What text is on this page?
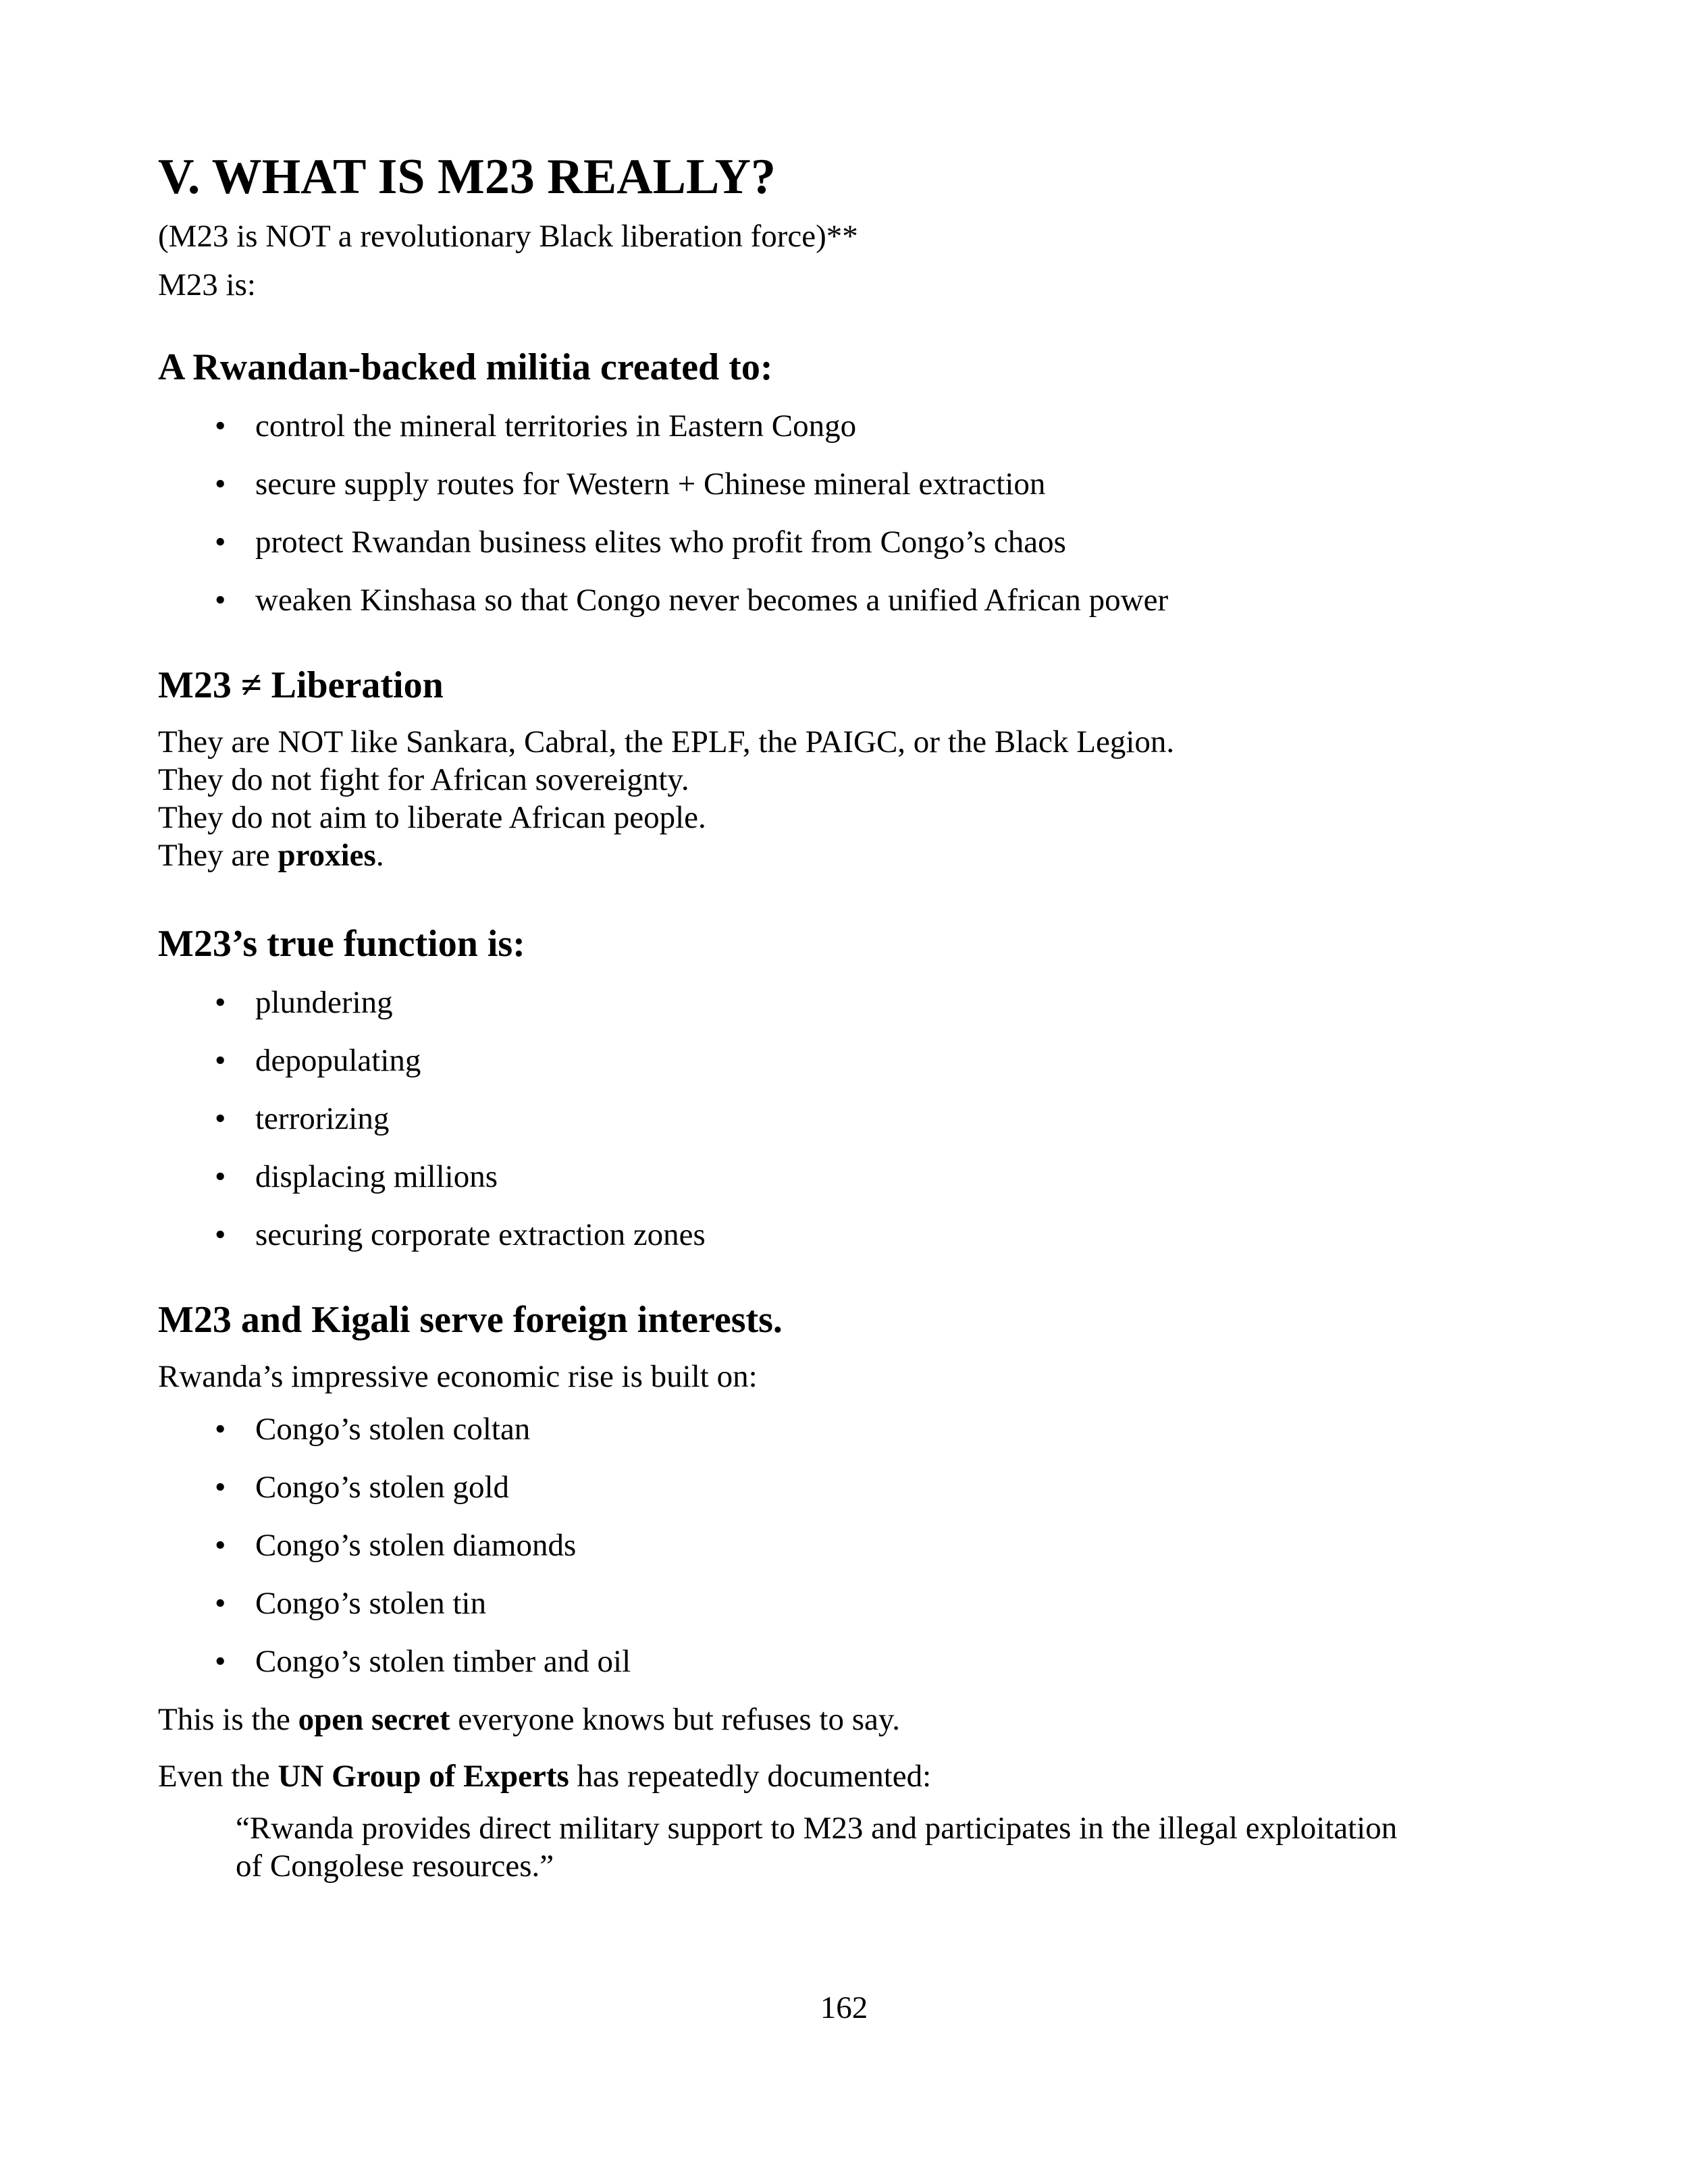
V. WHAT IS M23 REALLY?

(M23 is NOT a revolutionary Black liberation force)**

M23 is:

A Rwandan-backed militia created to:
• control the mineral territories in Eastern Congo
• secure supply routes for Western + Chinese mineral extraction
• protect Rwandan business elites who profit from Congo’s chaos
• weaken Kinshasa so that Congo never becomes a unified African power
M23 ≠ Liberation

They are NOT like Sankara, Cabral, the EPLF, the PAIGC, or the Black Legion.

They do not fight for African sovereignty.

They do not aim to liberate African people.

They are proxies.

M23’s true function is:
• plundering
• depopulating
• terrorizing
• displacing millions
• securing corporate extraction zones
M23 and Kigali serve foreign interests.

Rwanda’s impressive economic rise is built on:

• Congo’s stolen coltan
• Congo’s stolen gold
• Congo’s stolen diamonds
• Congo’s stolen tin
• Congo’s stolen timber and oil

This is the open secret everyone knows but refuses to say.

Even the UN Group of Experts has repeatedly documented:

“Rwanda provides direct military support to M23 and participates in the illegal exploitation

of Congolese resources.”

162
